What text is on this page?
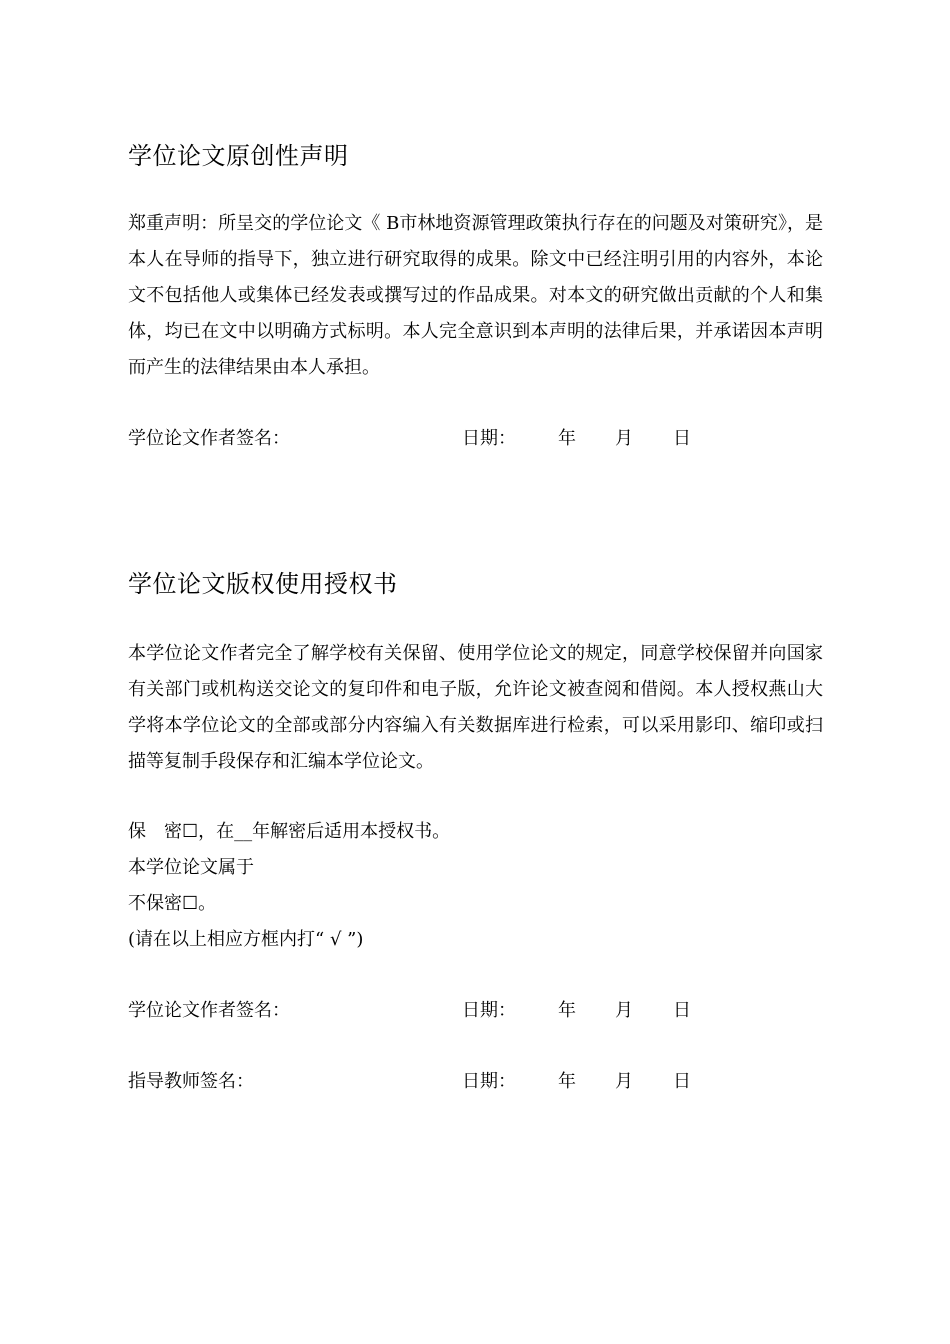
学位论文原创性声明
郑重声明：所呈交的学位论文《 B市林地资源管理政策执行存在的问题及对策研究》，是本人在导师的指导下，独立进行研究取得的成果。除文中已经注明引用的内容外，本论文不包括他人或集体已经发表或撰写过的作品成果。对本文的研究做出贡献的个人和集体，均已在文中以明确方式标明。本人完全意识到本声明的法律后果，并承诺因本声明而产生的法律结果由本人承担。
学位论文作者签名：	日期： 年 月 日
学位论文版权使用授权书
本学位论文作者完全了解学校有关保留、使用学位论文的规定，同意学校保留并向国家有关部门或机构送交论文的复印件和电子版，允许论文被查阅和借阅。本人授权燕山大学将本学位论文的全部或部分内容编入有关数据库进行检索，可以采用影印、缩印或扫描等复制手段保存和汇编本学位论文。
保　密☐，在__年解密后适用本授权书。
本学位论文属于
不保密☐。
(请在以上相应方框内打“ √ ”)
学位论文作者签名：	日期： 年 月 日
指导教师签名：	日期： 年 月 日
